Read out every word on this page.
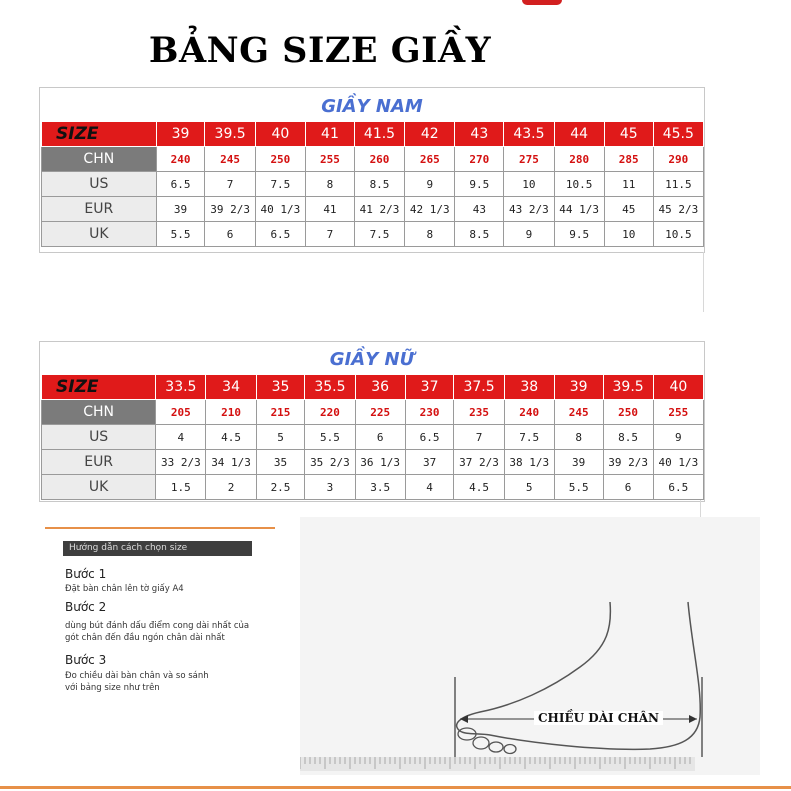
BẢNG SIZE GIẦY
GIẦY NAM
SIZE	39	39.5	40	41	41.5	42	43	43.5	44	45	45.5
CHN	240	245	250	255	260	265	270	275	280	285	290
US	6.5	7	7.5	8	8.5	9	9.5	10	10.5	11	11.5
EUR	39	39 2/3	40 1/3	41	41 2/3	42 1/3	43	43 2/3	44 1/3	45	45 2/3
UK	5.5	6	6.5	7	7.5	8	8.5	9	9.5	10	10.5
GIẦY NỮ
SIZE	33.5	34	35	35.5	36	37	37.5	38	39	39.5	40
CHN	205	210	215	220	225	230	235	240	245	250	255
US	4	4.5	5	5.5	6	6.5	7	7.5	8	8.5	9
EUR	33 2/3	34 1/3	35	35 2/3	36 1/3	37	37 2/3	38 1/3	39	39 2/3	40 1/3
UK	1.5	2	2.5	3	3.5	4	4.5	5	5.5	6	6.5
Hướng dẫn cách chọn size
Bước 1
Đặt bàn chân lên tờ giấy A4
Bước 2
dùng bút đánh dấu điểm cong dài nhất của
gót chân đến đầu ngón chân dài nhất
Bước 3
Đo chiều dài bàn chân và so sánh
với bảng size như trên
CHIỀU DÀI CHÂN
